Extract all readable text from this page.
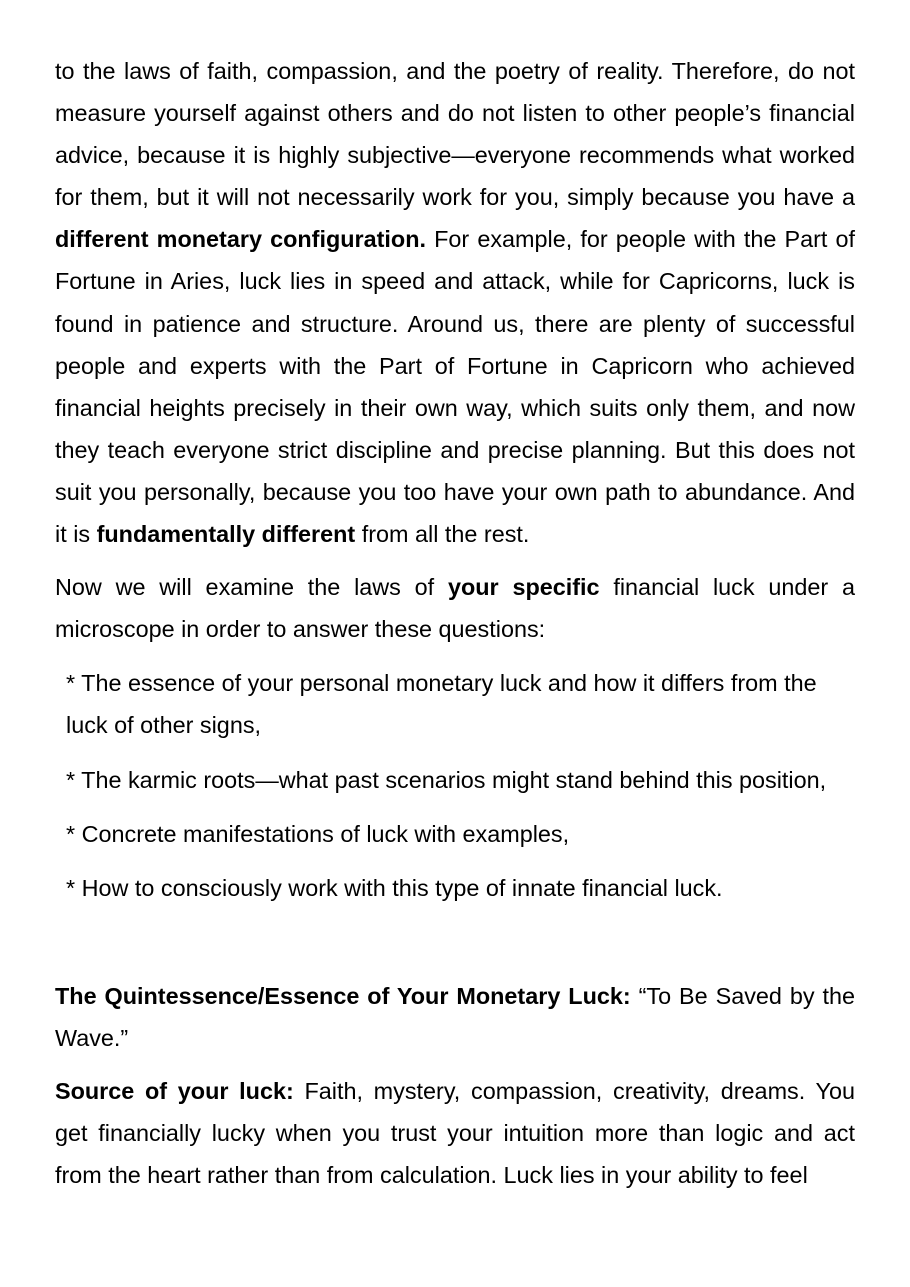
to the laws of faith, compassion, and the poetry of reality. Therefore, do not measure yourself against others and do not listen to other people’s financial advice, because it is highly subjective—everyone recommends what worked for them, but it will not necessarily work for you, simply because you have a different monetary configuration. For example, for people with the Part of Fortune in Aries, luck lies in speed and attack, while for Capricorns, luck is found in patience and structure. Around us, there are plenty of successful people and experts with the Part of Fortune in Capricorn who achieved financial heights precisely in their own way, which suits only them, and now they teach everyone strict discipline and precise planning. But this does not suit you personally, because you too have your own path to abundance. And it is fundamentally different from all the rest.

Now we will examine the laws of your specific financial luck under a microscope in order to answer these questions:

* The essence of your personal monetary luck and how it differs from the luck of other signs,

* The karmic roots—what past scenarios might stand behind this position,

* Concrete manifestations of luck with examples,

* How to consciously work with this type of innate financial luck.

The Quintessence/Essence of Your Monetary Luck: “To Be Saved by the Wave.”

Source of your luck: Faith, mystery, compassion, creativity, dreams. You get financially lucky when you trust your intuition more than logic and act from the heart rather than from calculation. Luck lies in your ability to feel
